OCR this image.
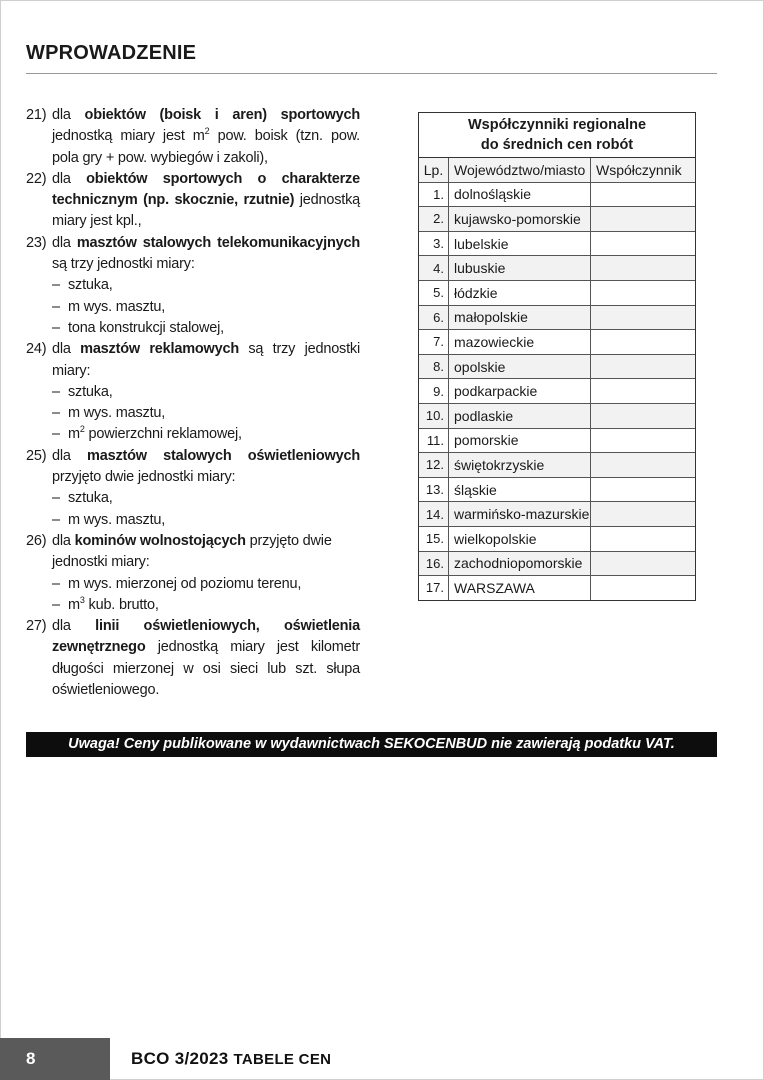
WPROWADZENIE
21) dla obiektów (boisk i aren) sportowych jednostką miary jest $m^2$ pow. boisk (tzn. pow. pola gry + pow. wybiegów i zakoli),
22) dla obiektów sportowych o charakterze technicznym (np. skocznie, rzutnie) jednostką miary jest kpl.,
23) dla masztów stalowych telekomunikacyjnych są trzy jednostki miary:
– sztuka,
– m wys. masztu,
– tona konstrukcji stalowej,
24) dla masztów reklamowych są trzy jednostki miary:
– sztuka,
– m wys. masztu,
– $m^2$ powierzchni reklamowej,
25) dla masztów stalowych oświetleniowych przyjęto dwie jednostki miary:
– sztuka,
– m wys. masztu,
26) dla kominów wolnostojących przyjęto dwie jednostki miary:
– m wys. mierzonej od poziomu terenu,
– $m^3$ kub. brutto,
27) dla linii oświetleniowych, oświetlenia zewnętrznego jednostką miary jest kilometr długości mierzonej w osi sieci lub szt. słupa oświetleniowego.
Współczynniki regionalne
do średnich cen robót
Lp.	Województwo/miasto	Współczynnik
1.	dolnośląskie	
2.	kujawsko-pomorskie	
3.	lubelskie	
4.	lubuskie	
5.	łódzkie	
6.	małopolskie	
7.	mazowieckie	
8.	opolskie	
9.	podkarpackie	
10.	podlaskie	
11.	pomorskie	
12.	świętokrzyskie	
13.	śląskie	
14.	warmińsko-mazurskie	
15.	wielkopolskie	
16.	zachodniopomorskie	
17.	WARSZAWA	
Uwaga! Ceny publikowane w wydawnictwach SEKOCENBUD nie zawierają podatku VAT.
8	BCO 3/2023 TABELE CEN
